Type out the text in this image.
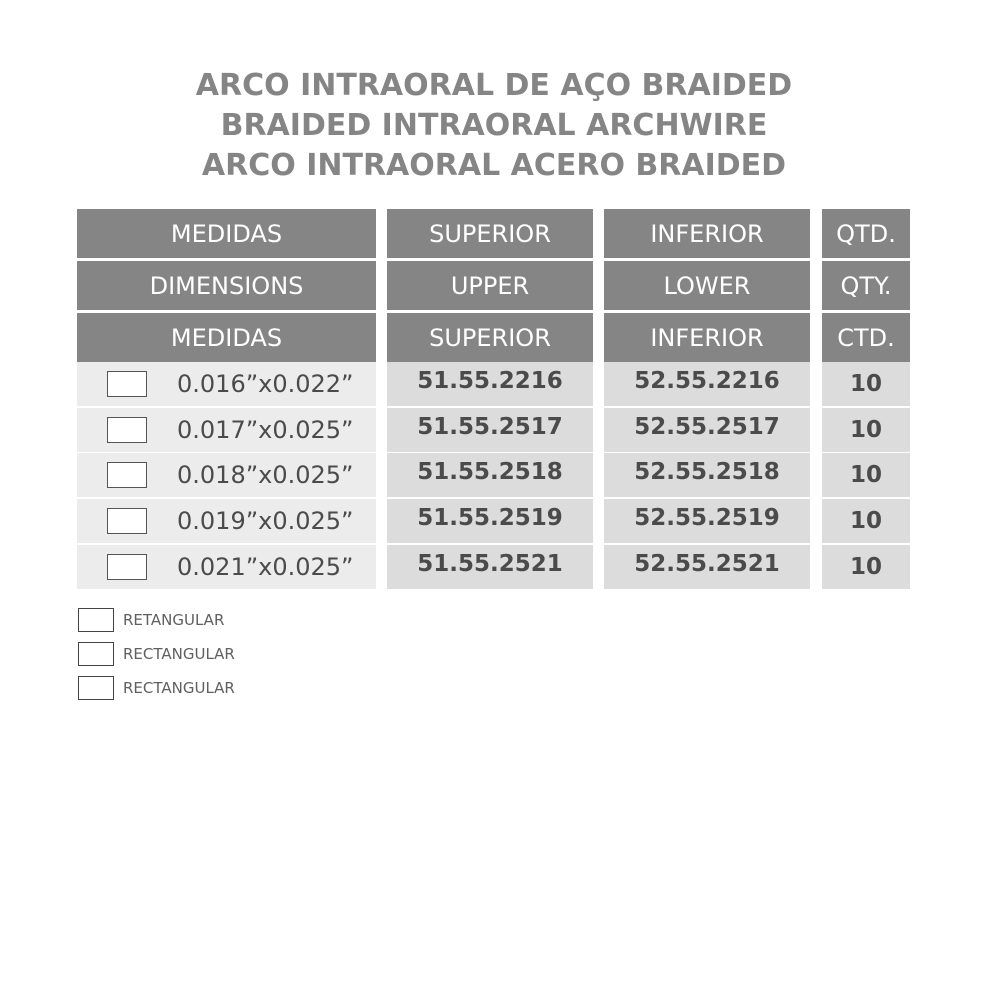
ARCO INTRAORAL DE AÇO BRAIDED
BRAIDED INTRAORAL ARCHWIRE
ARCO INTRAORAL ACERO BRAIDED
MEDIDAS	SUPERIOR	INFERIOR	QTD.
DIMENSIONS	UPPER	LOWER	QTY.
MEDIDAS	SUPERIOR	INFERIOR	CTD.
0.016”x0.022”	51.55.2216	52.55.2216	10
0.017”x0.025”	51.55.2517	52.55.2517	10
0.018”x0.025”	51.55.2518	52.55.2518	10
0.019”x0.025”	51.55.2519	52.55.2519	10
0.021”x0.025”	51.55.2521	52.55.2521	10
RETANGULAR
RECTANGULAR
RECTANGULAR
